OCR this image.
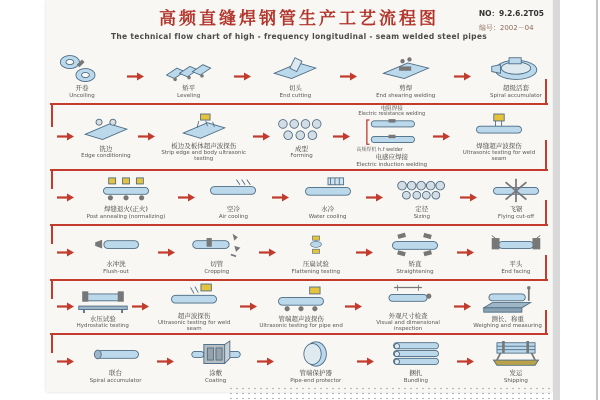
高频直缝焊钢管生产工艺流程图
The technical flow chart of high - frequency longitudinal - seam welded steel pipes
NO：9.2.6.2T05
编号：2002－04
开卷
Uncoiling
矫平
Leveling
切头
End cutting
剪焊
End shearing welding
超级活套
Spiral accumulator
铣边
Edge conditioning
板边及板体超声波探伤
Strip edge and body ultrasonic testing
成型
Forming
电阻焊接
Electric resistance welding
高频焊机 h.f welder
电感应焊接
Electric induction welding
焊缝超声波探伤
Ultrasonic testing for weld seam
焊缝退火(正火)
Post annealing (normalizing)
空冷
Air cooling
水冷
Water cooling
定径
Sizing
飞锯
Flying cut-off
水冲洗
Flush-out
切管
Cropping
压扁试验
Flattening testing
矫直
Straightening
平头
End facing
水压试验
Hydrostatic testing
超声波探伤
Ultrasonic testing for weld seam
管端超声波探伤
Ultrasonic testing for pipe end
外观尺寸检查
Visual and dimensional inspection
测长、称重
Weighing and measuring
联台
Spiral accumulator
涂敷
Coating
管端保护器
Pipe-end protector
捆扎
Bundling
发运
Shipping
